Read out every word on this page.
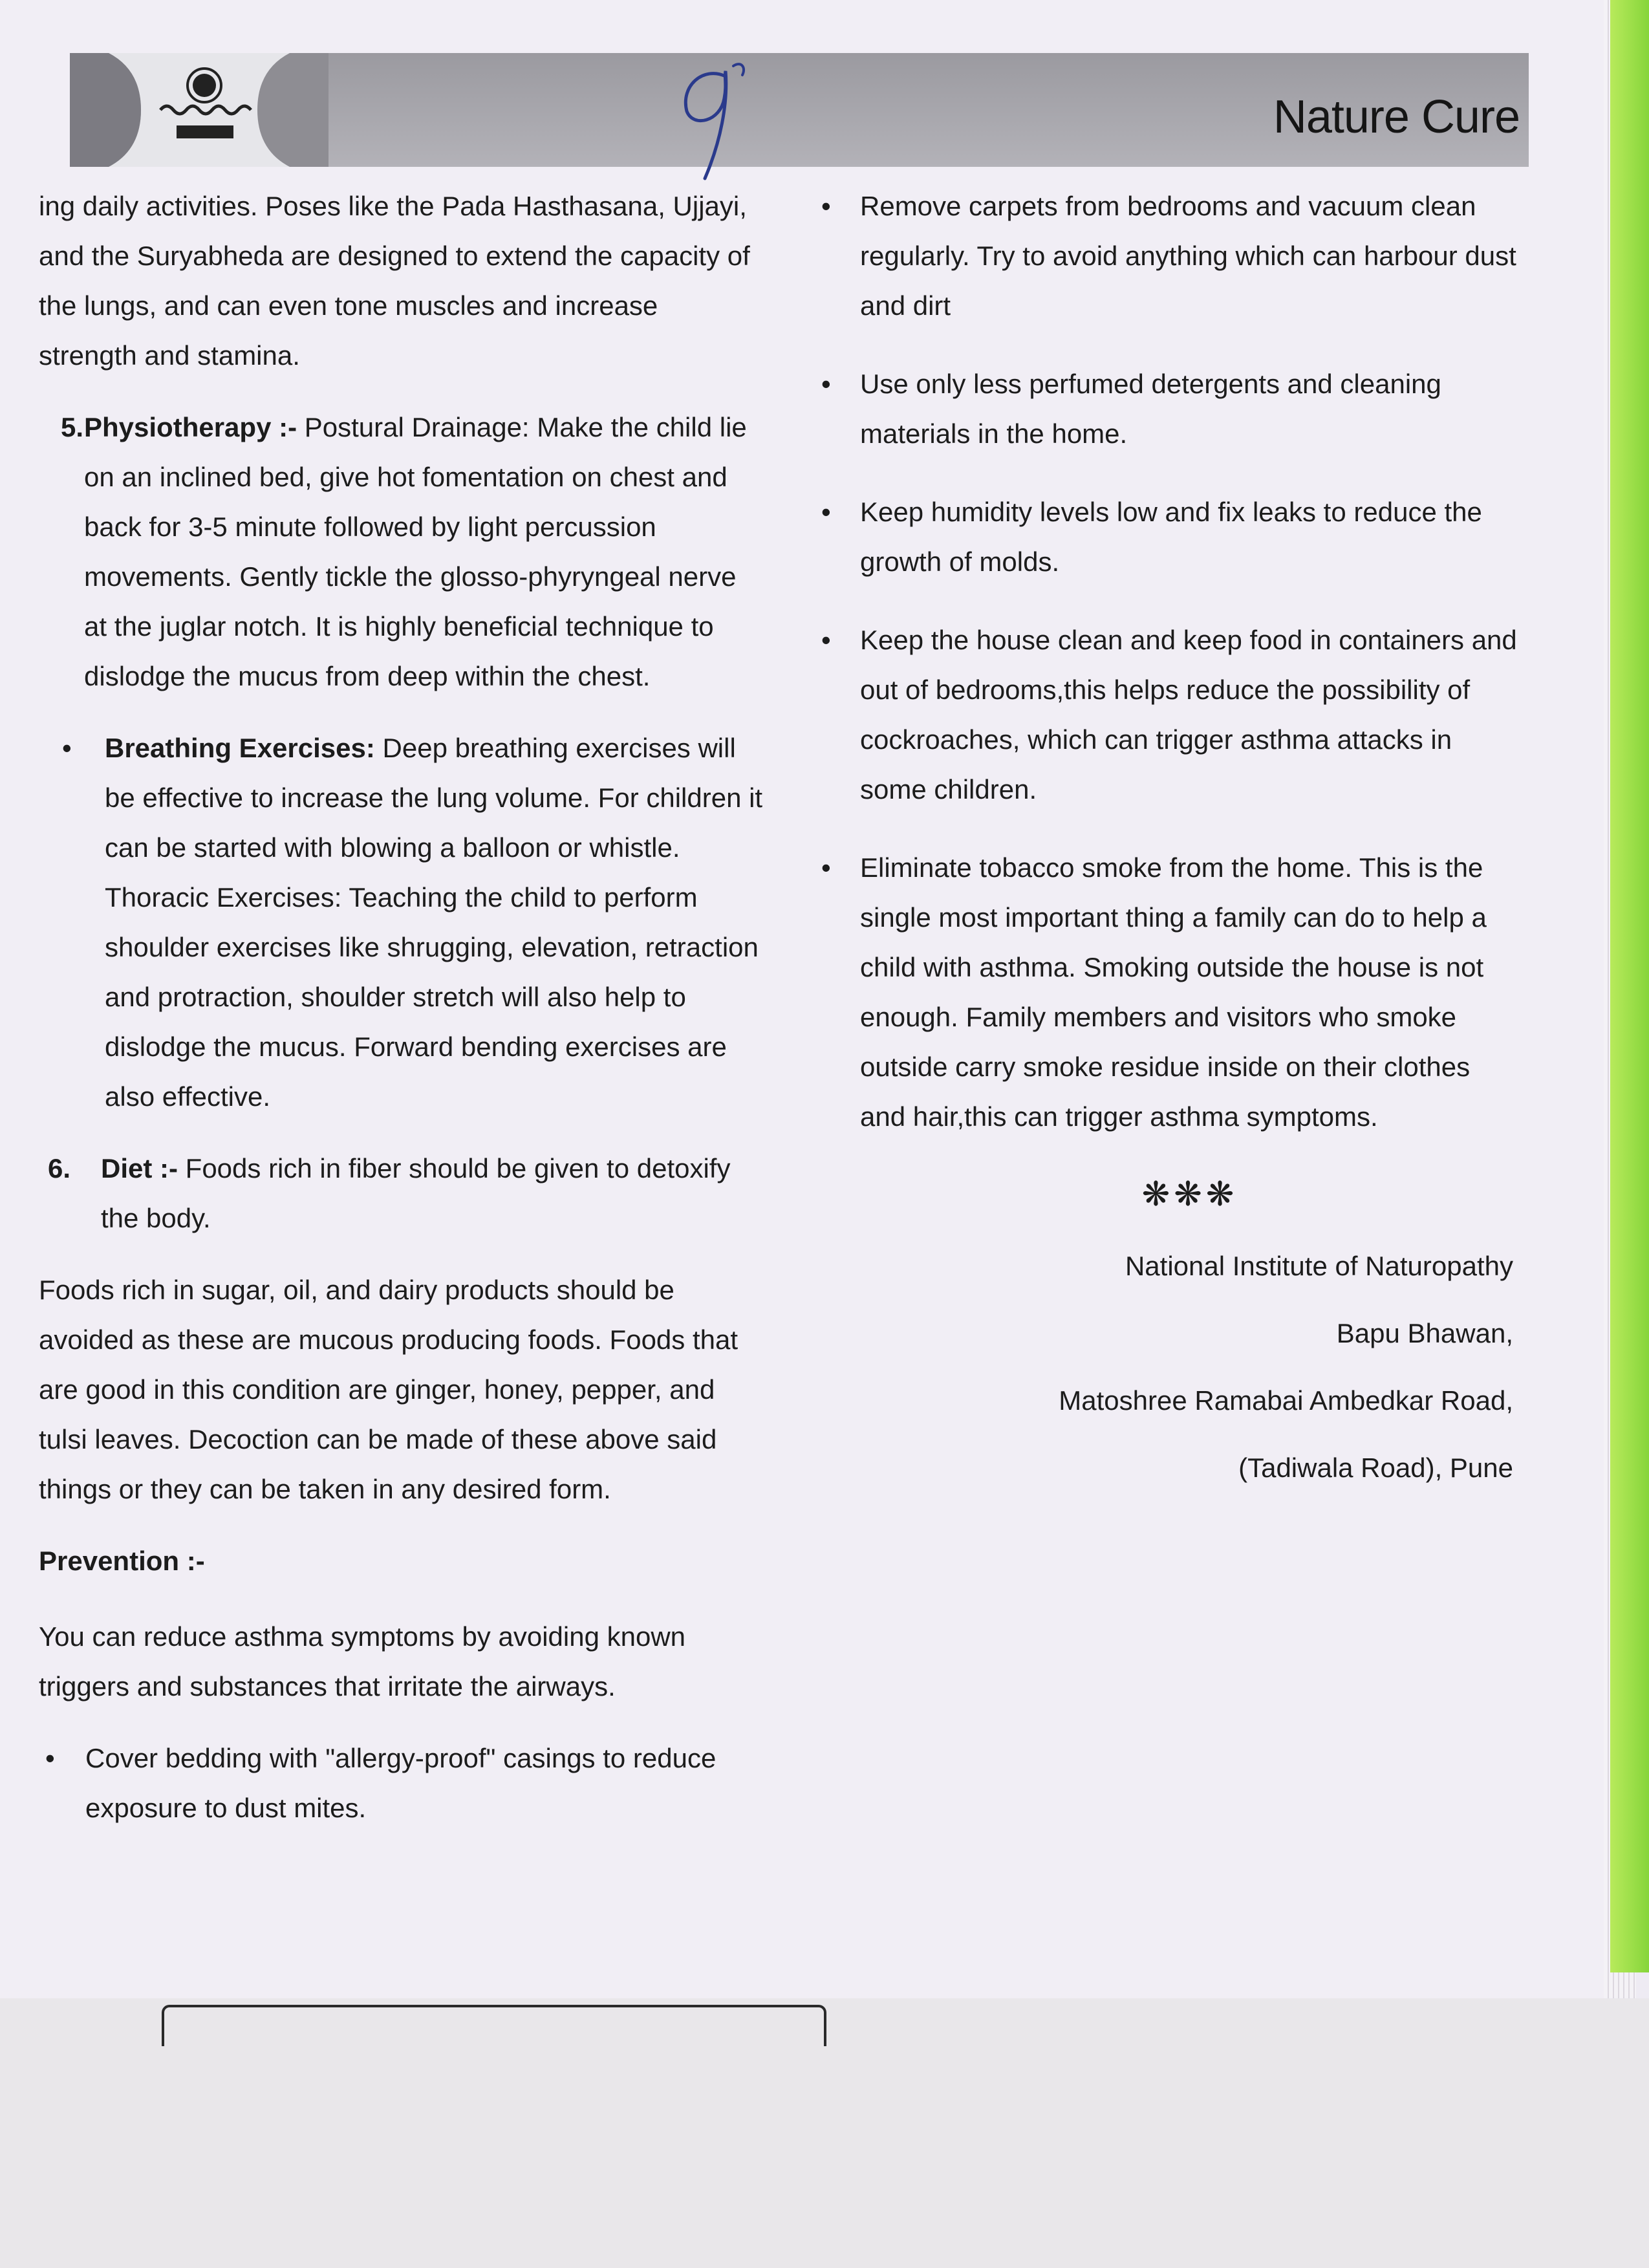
Nature Cure

ing daily activities. Poses like the Pada Hasthasana, Ujjayi, and the Suryabheda are designed to extend the capacity of the lungs, and can even tone muscles and increase strength and stamina.

5. Physiotherapy :- Postural Drainage: Make the child lie on an inclined bed, give hot fomentation on chest and back for 3-5 minute followed by light percussion movements. Gently tickle the glosso-phyryngeal nerve at the juglar notch. It is highly beneficial technique to dislodge the mucus from deep within the chest.
• Breathing Exercises: Deep breathing exercises will be effective to increase the lung volume. For children it can be started with blowing a balloon or whistle. Thoracic Exercises: Teaching the child to perform shoulder exercises like shrugging, elevation, retraction and protraction, shoulder stretch will also help to dislodge the mucus. Forward bending exercises are also effective.
6. Diet :- Foods rich in fiber should be given to detoxify the body.

Foods rich in sugar, oil, and dairy products should be avoided as these are mucous producing foods. Foods that are good in this condition are ginger, honey, pepper, and tulsi leaves. Decoction can be made of these above said things or they can be taken in any desired form.

Prevention :-

You can reduce asthma symptoms by avoiding known triggers and substances that irritate the airways.

• Cover bedding with "allergy-proof" casings to reduce exposure to dust mites.
• Remove carpets from bedrooms and vacuum clean regularly. Try to avoid anything which can harbour dust and dirt
• Use only less perfumed detergents and cleaning materials in the home.
• Keep humidity levels low and fix leaks to reduce the growth of molds.
• Keep the house clean and keep food in containers and out of bedrooms,this helps reduce the possibility of cockroaches, which can trigger asthma attacks in some children.
• Eliminate tobacco smoke from the home. This is the single most important thing a family can do to help a child with asthma. Smoking outside the house is not enough. Family members and visitors who smoke outside carry smoke residue inside on their clothes and hair,this can trigger asthma symptoms.
❋❋❋
National Institute of Naturopathy
Bapu Bhawan,
Matoshree Ramabai Ambedkar Road,
(Tadiwala Road), Pune
